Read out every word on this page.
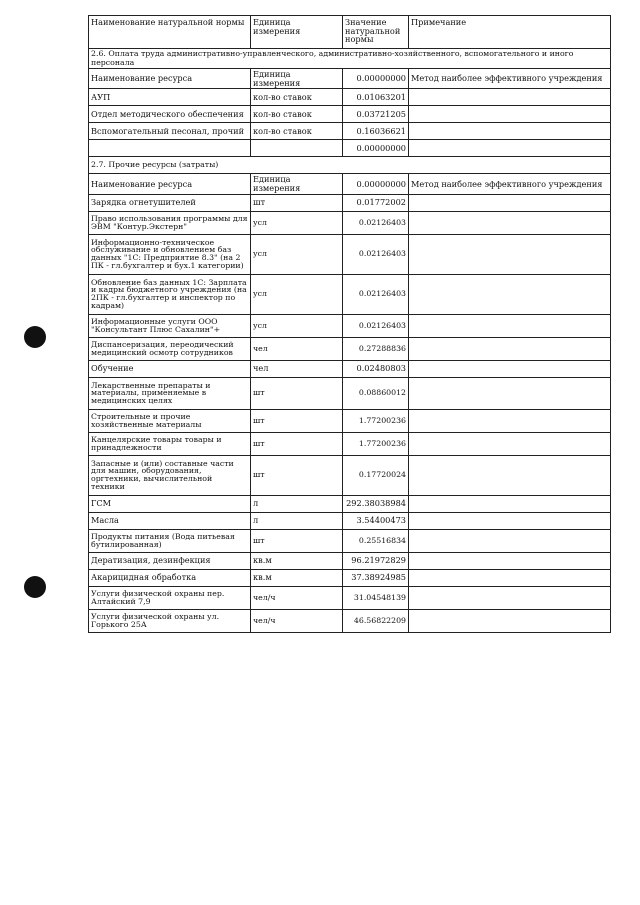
Наименование натуральной нормы	Единица измерения	Значение натуральной нормы	Примечание
2.6. Оплата труда административно-управленческого, административно-хозяйственного, вспомогательного и иного персонала			
Наименование ресурса	Единица измерения	0.00000000	Метод наиболее эффективного учреждения
АУП	кол-во ставок	0.01063201	
Отдел методического обеспечения	кол-во ставок	0.03721205	
Вспомогательный песонал, прочий	кол-во ставок	0.16036621	
		0.00000000	
2.7. Прочие ресурсы (затраты)			
Наименование ресурса	Единица измерения	0.00000000	Метод наиболее эффективного учреждения
Зарядка огнетушителей	шт	0.01772002	
Право использования программы для ЭВМ "Контур.Экстерн"	усл	0.02126403	
Информационно-техническое обслуживание и обновлением баз данных "1С: Предприятие 8.3" (на 2 ПК - гл.бухгалтер и бух.1 категории)	усл	0.02126403	
Обновление баз данных 1С: Зарплата и кадры бюджетного учреждения (на 2ПК - гл.бухгалтер и инспектор по кадрам)	усл	0.02126403	
Информационные услуги ООО "Консультант Плюс Сахалин"+	усл	0.02126403	
Диспансеризация, переодический медицинский осмотр сотрудников	чел	0.27288836	
Обучение	чел	0.02480803	
Лекарственные препараты и материалы, применяемые в медицинских целях	шт	0.08860012	
Строительные и прочие хозяйственные материалы	шт	1.77200236	
Канцелярские товары товары и принадлежности	шт	1.77200236	
Запасные и (или) составные части для машин, оборудования, оргтехники, вычислительной техники	шт	0.17720024	
ГСМ	л	292.38038984	
Масла	л	3.54400473	
Продукты питания (Вода питьевая бутилированная)	шт	0.25516834	
Дератизация, дезинфекция	кв.м	96.21972829	
Акарицидная обработка	кв.м	37.38924985	
Услуги физической охраны пер. Алтайский 7,9	чел/ч	31.04548139	
Услуги физической охраны ул. Горького 25А	чел/ч	46.56822209	
